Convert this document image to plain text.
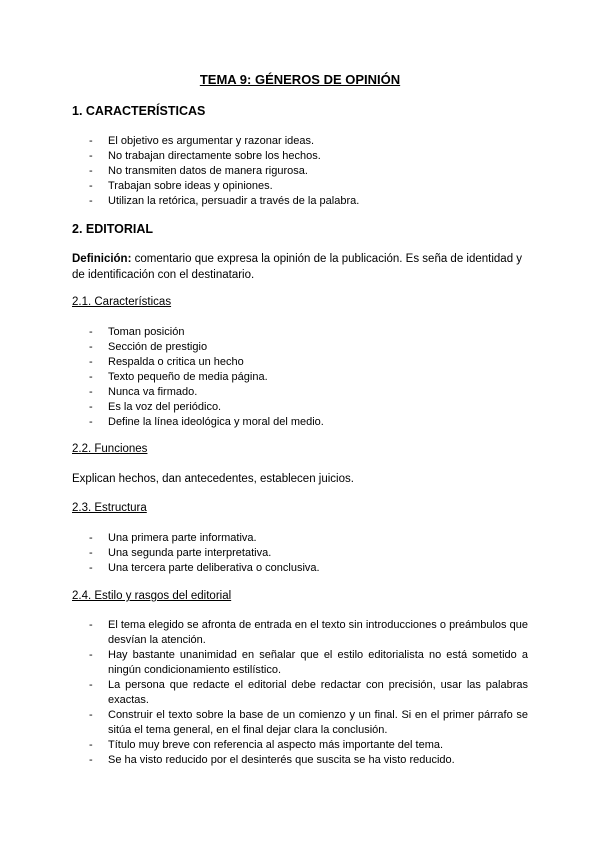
TEMA 9: GÉNEROS DE OPINIÓN
1. CARACTERÍSTICAS
- El objetivo es argumentar y razonar ideas.
- No trabajan directamente sobre los hechos.
- No transmiten datos de manera rigurosa.
- Trabajan sobre ideas y opiniones.
- Utilizan la retórica, persuadir a través de la palabra.
2. EDITORIAL
Definición: comentario que expresa la opinión de la publicación. Es seña de identidad y de identificación con el destinatario.
2.1. Características
- Toman posición
- Sección de prestigio
- Respalda o critica un hecho
- Texto pequeño de media página.
- Nunca va firmado.
- Es la voz del periódico.
- Define la línea ideológica y moral del medio.
2.2. Funciones
Explican hechos, dan antecedentes, establecen juicios.
2.3. Estructura
- Una primera parte informativa.
- Una segunda parte interpretativa.
- Una tercera parte deliberativa o conclusiva.
2.4. Estilo y rasgos del editorial
- El tema elegido se afronta de entrada en el texto sin introducciones o preámbulos que desvían la atención.
- Hay bastante unanimidad en señalar que el estilo editorialista no está sometido a ningún condicionamiento estilístico.
- La persona que redacte el editorial debe redactar con precisión, usar las palabras exactas.
- Construir el texto sobre la base de un comienzo y un final. Si en el primer párrafo se sitúa el tema general, en el final dejar clara la conclusión.
- Título muy breve con referencia al aspecto más importante del tema.
- Se ha visto reducido por el desinterés que suscita se ha visto reducido.
